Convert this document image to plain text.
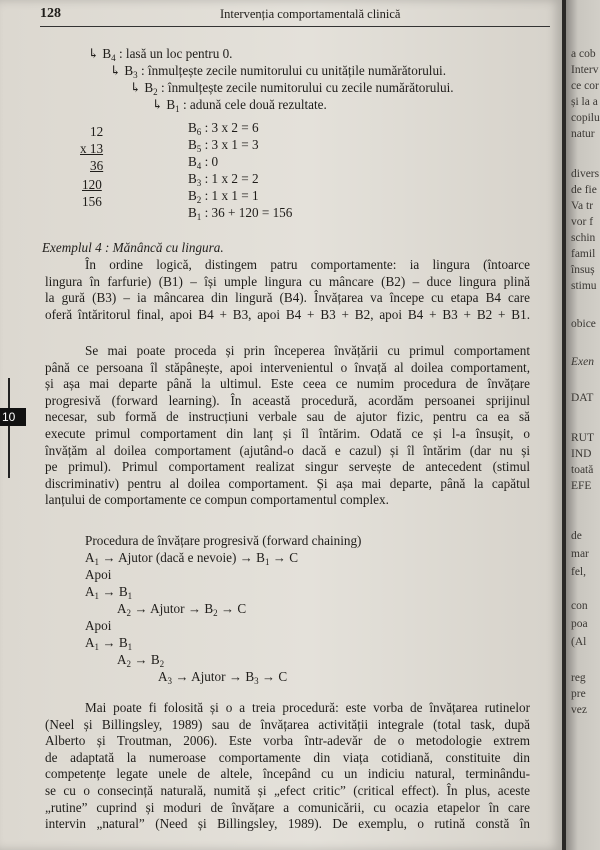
128	Intervenția comportamentală clinică
↳ $B_4$ : lasă un loc pentru 0.
↳ $B_3$ : înmulțește zecile numitorului cu unitățile numărătorului.
↳ $B_2$ : înmulțește zecile numitorului cu zecile numărătorului.
↳ $B_1$ : adună cele două rezultate.
12
x 13
36
120
156
$B_6$ : 3 x 2 = 6
$B_5$ : 3 x 1 = 3
$B_4$ : 0
$B_3$ : 1 x 2 = 2
$B_2$ : 1 x 1 = 1
$B_1$ : 36 + 120 = 156
Exemplul 4 : Mănâncă cu lingura.
În ordine logică, distingem patru comportamente: ia lingura (întoarce
lingura în farfurie) (B1) – își umple lingura cu mâncare (B2) – duce lingura plină
la gură (B3) – ia mâncarea din lingură (B4). Învățarea va începe cu etapa B4 care
oferă întăritorul final, apoi B4 + B3, apoi B4 + B3 + B2, apoi B4 + B3 + B2 + B1.
Se mai poate proceda și prin începerea învățării cu primul comportament
până ce persoana îl stăpânește, apoi intervenientul o învață al doilea comportament,
și așa mai departe până la ultimul. Este ceea ce numim procedura de învățare
progresivă (forward learning). În această procedură, acordăm persoanei sprijinul
necesar, sub formă de instrucțiuni verbale sau de ajutor fizic, pentru ca ea să
execute primul comportament din lanț și îl întărim. Odată ce și l-a însușit, o
învățăm al doilea comportament (ajutând-o dacă e cazul) și îl întărim (dar nu și
pe primul). Primul comportament realizat singur servește de antecedent (stimul
discriminativ) pentru al doilea comportament. Și așa mai departe, până la capătul
lanțului de comportamente ce compun comportamentul complex.
Procedura de învățare progresivă (forward chaining)
$A_1$ → Ajutor (dacă e nevoie) → $B_1 \to C$
Apoi
$A_1 \to B_1$
$A_2$ → Ajutor → $B_2 \to C$
Apoi
$A_1 \to B_1$
$A_2 \to B_2$
$A_3$ → Ajutor → $B_3 \to C$
Mai poate fi folosită și o a treia procedură: este vorba de învățarea rutinelor
(Neel și Billingsley, 1989) sau de învățarea activității integrale (total task, după
Alberto și Troutman, 2006). Este vorba într-adevăr de o metodologie extrem
de adaptată la numeroase comportamente din viața cotidiană, constituite din
competențe legate unele de altele, începând cu un indiciu natural, terminându-
se cu o consecință naturală, numită și „efect critic” (critical effect). În plus, aceste
„rutine” cuprind și moduri de învățare a comunicării, cu ocazia etapelor în care
intervin „natural” (Need și Billingsley, 1989). De exemplu, o rutină constă în
10
a cob
Interv
ce cor
și la a
copilu
natur
divers
de fie
Va tr
vor f
schin
famil
însuș
stimu
obice
Exen
DAT
RUT
IND
toată
EFE
de
mar
fel,
con
poa
(Al
reg
pre
vez
